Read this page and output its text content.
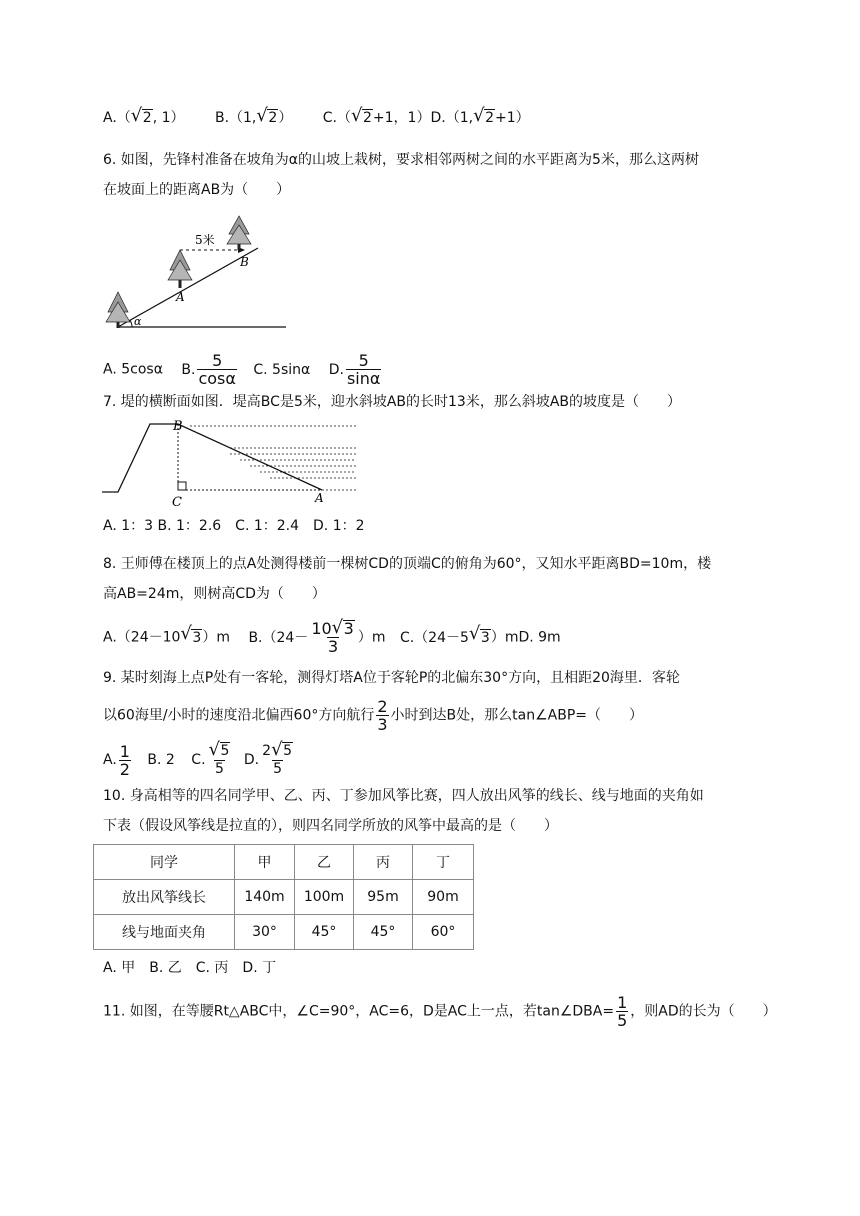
A.（ √ 2, 1） B.（1, √ 2） C.（ √ 2+1，1）D.（1, √ 2+1）
6. 如图，先锋村准备在坡角为α的山坡上栽树，要求相邻两树之间的水平距离为5米，那么这两树
在坡面上的距离AB为（　　）
5米
A
B
α
A. 5cosα B. $\frac{5}{\cos\alpha} C$. 5sinα D. $\frac{5}{\sin\alpha}$
7. 堤的横断面如图．堤高BC是5米，迎水斜坡AB的长时13米，那么斜坡AB的坡度是（　　）
B
C	A
A. 1：3 B. 1：2.6　C. 1：2.4　D. 1：2
8. 王师傅在楼顶上的点A处测得楼前一棵树CD的顶端C的俯角为60°，又知水平距离BD=10m，楼
高AB=24m，则树高CD为（　　）
A.（24－10 √ 3）m $B.(24- \frac{10 √ 3}{3} )m$ C.（24－5 √ 3）mD. 9m
9. 某时刻海上点P处有一客轮，测得灯塔A位于客轮P的北偏东30°方向，且相距20海里．客轮
以60海里/小时的速度沿北偏西60°方向航行 $\frac{2}{3}$ 小时到达B处，那么tan∠ABP=（　　）
A. $\frac{1}{2} B$. 2 C. $\frac{√ 5}{5} D$. $\frac{2 √ 5}{5}$
10. 身高相等的四名同学甲、乙、丙、丁参加风筝比赛，四人放出风筝的线长、线与地面的夹角如
下表（假设风筝线是拉直的），则四名同学所放的风筝中最高的是（　　）
同学	甲	乙	丙	丁
放出风筝线长	140m	100m	95m	90m
线与地面夹角	30°	45°	45°	60°
A. 甲　B. 乙　C. 丙　D. 丁
11. 如图，在等腰Rt△ABC中，∠C=90°，AC=6，D是AC上一点，若tan∠DBA= $\frac{1}{5}$ ，则AD的长为（　　）
